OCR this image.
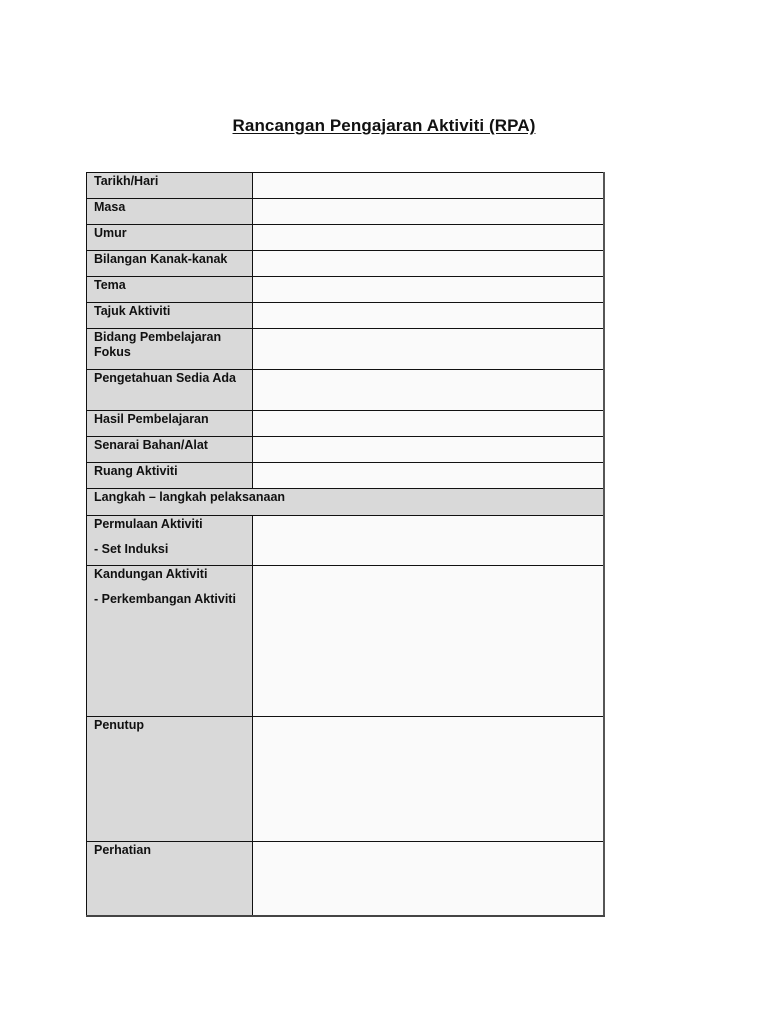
Rancangan Pengajaran Aktiviti (RPA)
Tarikh/Hari	
Masa	
Umur	
Bilangan Kanak-kanak	
Tema	
Tajuk Aktiviti	
Bidang Pembelajaran Fokus	
Pengetahuan Sedia Ada	
Hasil Pembelajaran	
Senarai Bahan/Alat	
Ruang Aktiviti	
Langkah – langkah pelaksanaan	

Permulaan Aktiviti
- Set Induksi	

Kandungan Aktiviti
- Perkembangan Aktiviti	

Penutup	
Perhatian	
